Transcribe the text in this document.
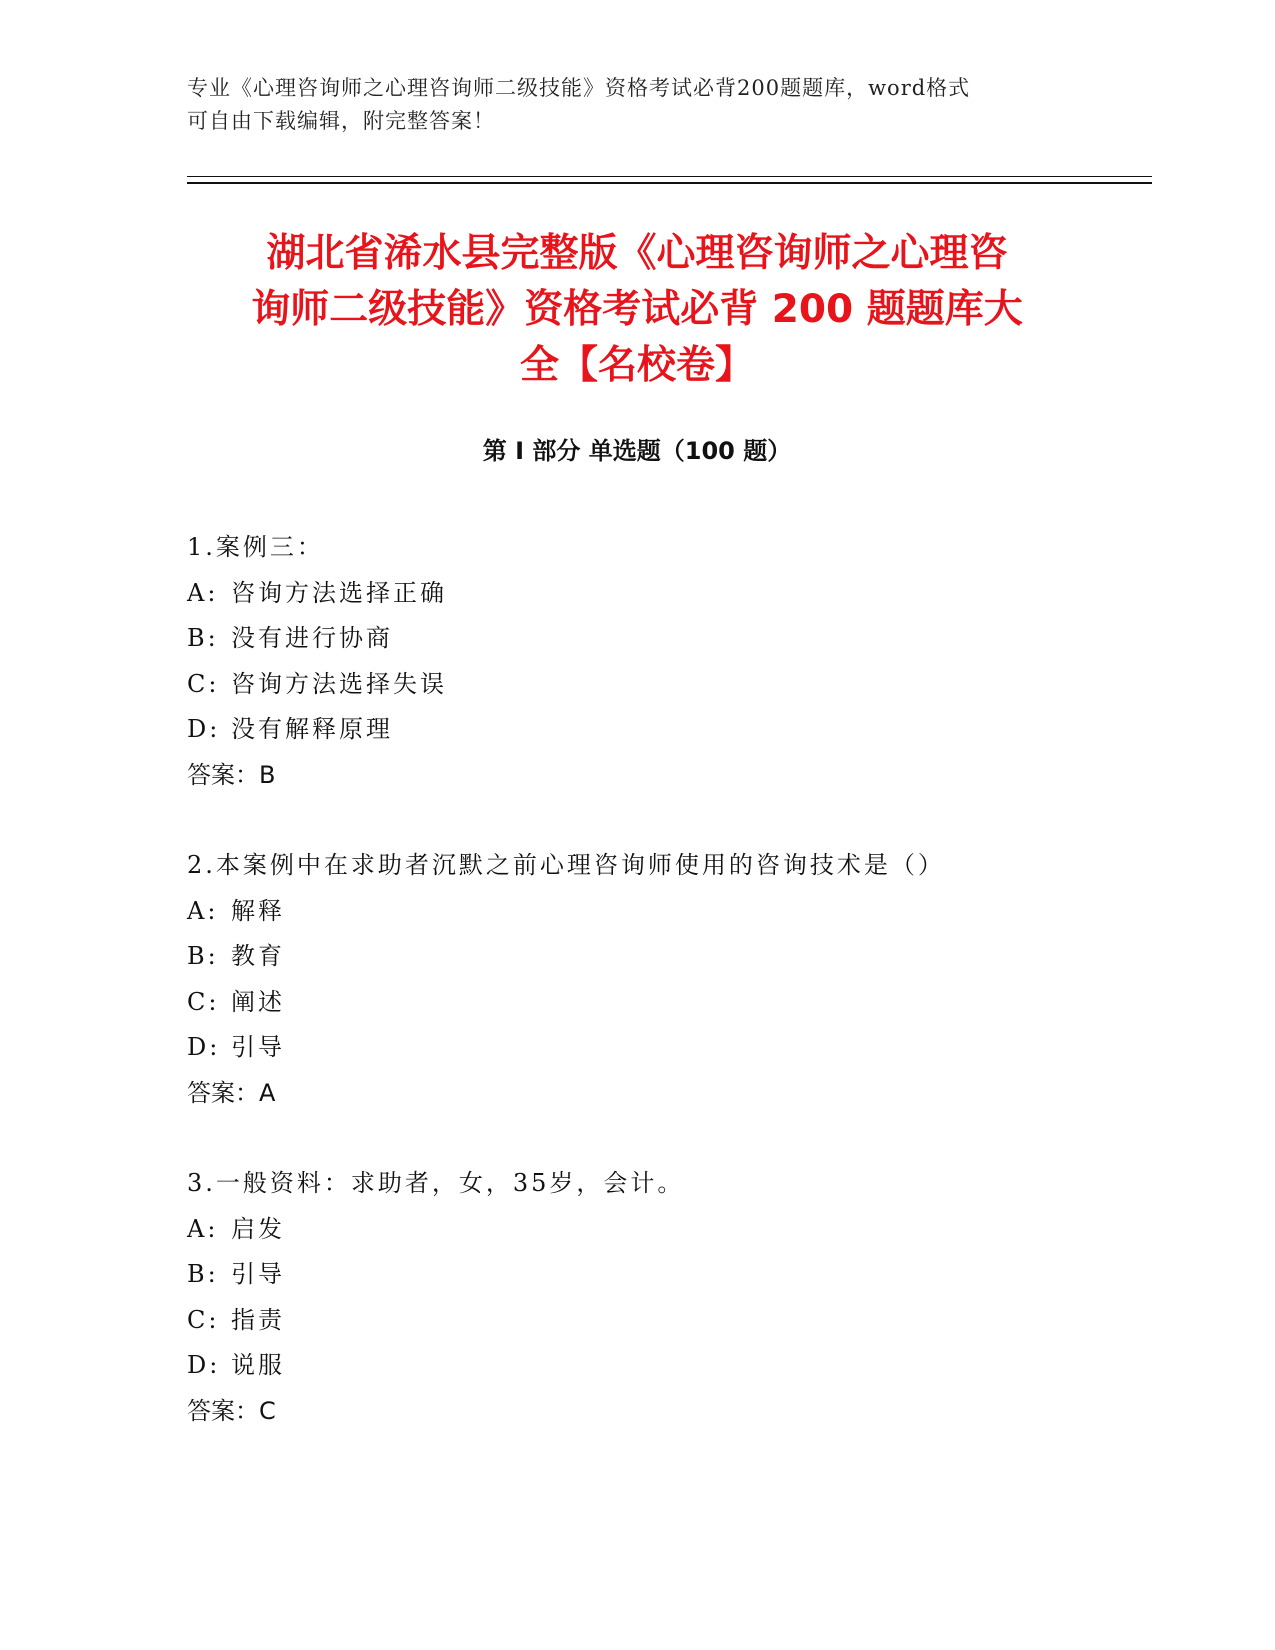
专业《心理咨询师之心理咨询师二级技能》资格考试必背200题题库，word格式
可自由下载编辑，附完整答案！
湖北省浠水县完整版《心理咨询师之心理咨
询师二级技能》资格考试必背 200 题题库大
全【名校卷】
第 I 部分 单选题（100 题）
1.案例三：
A: 咨询方法选择正确
B: 没有进行协商
C: 咨询方法选择失误
D: 没有解释原理
答案：B
2.本案例中在求助者沉默之前心理咨询师使用的咨询技术是（）
A: 解释
B: 教育
C: 阐述
D: 引导
答案：A
3.一般资料：求助者，女，35岁，会计。
A: 启发
B: 引导
C: 指责
D: 说服
答案：C
